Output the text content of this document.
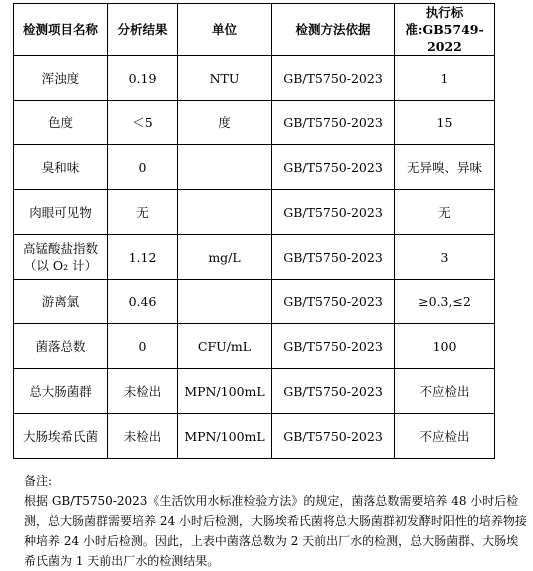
检测项目名称	分析结果	单位	检测方法依据	执行标准:GB5749-2022
浑浊度	0.19	NTU	GB/T5750-2023	1
色度	＜5	度	GB/T5750-2023	15
臭和味	0		GB/T5750-2023	无异嗅、异味
肉眼可见物	无		GB/T5750-2023	无
高锰酸盐指数（以 O₂ 计）	1.12	mg/L	GB/T5750-2023	3
游离氯	0.46		GB/T5750-2023	≥0.3,≤2
菌落总数	0	CFU/mL	GB/T5750-2023	100
总大肠菌群	未检出	MPN/100mL	GB/T5750-2023	不应检出
大肠埃希氏菌	未检出	MPN/100mL	GB/T5750-2023	不应检出

备注:

根据 GB/T5750-2023《生活饮用水标准检验方法》的规定，菌落总数需要培养 48 小时后检测，总大肠菌群需要培养 24 小时后检测，大肠埃希氏菌将总大肠菌群初发酵时阳性的培养物接种培养 24 小时后检测。因此，上表中菌落总数为 2 天前出厂水的检测，总大肠菌群、大肠埃希氏菌为 1 天前出厂水的检测结果。
